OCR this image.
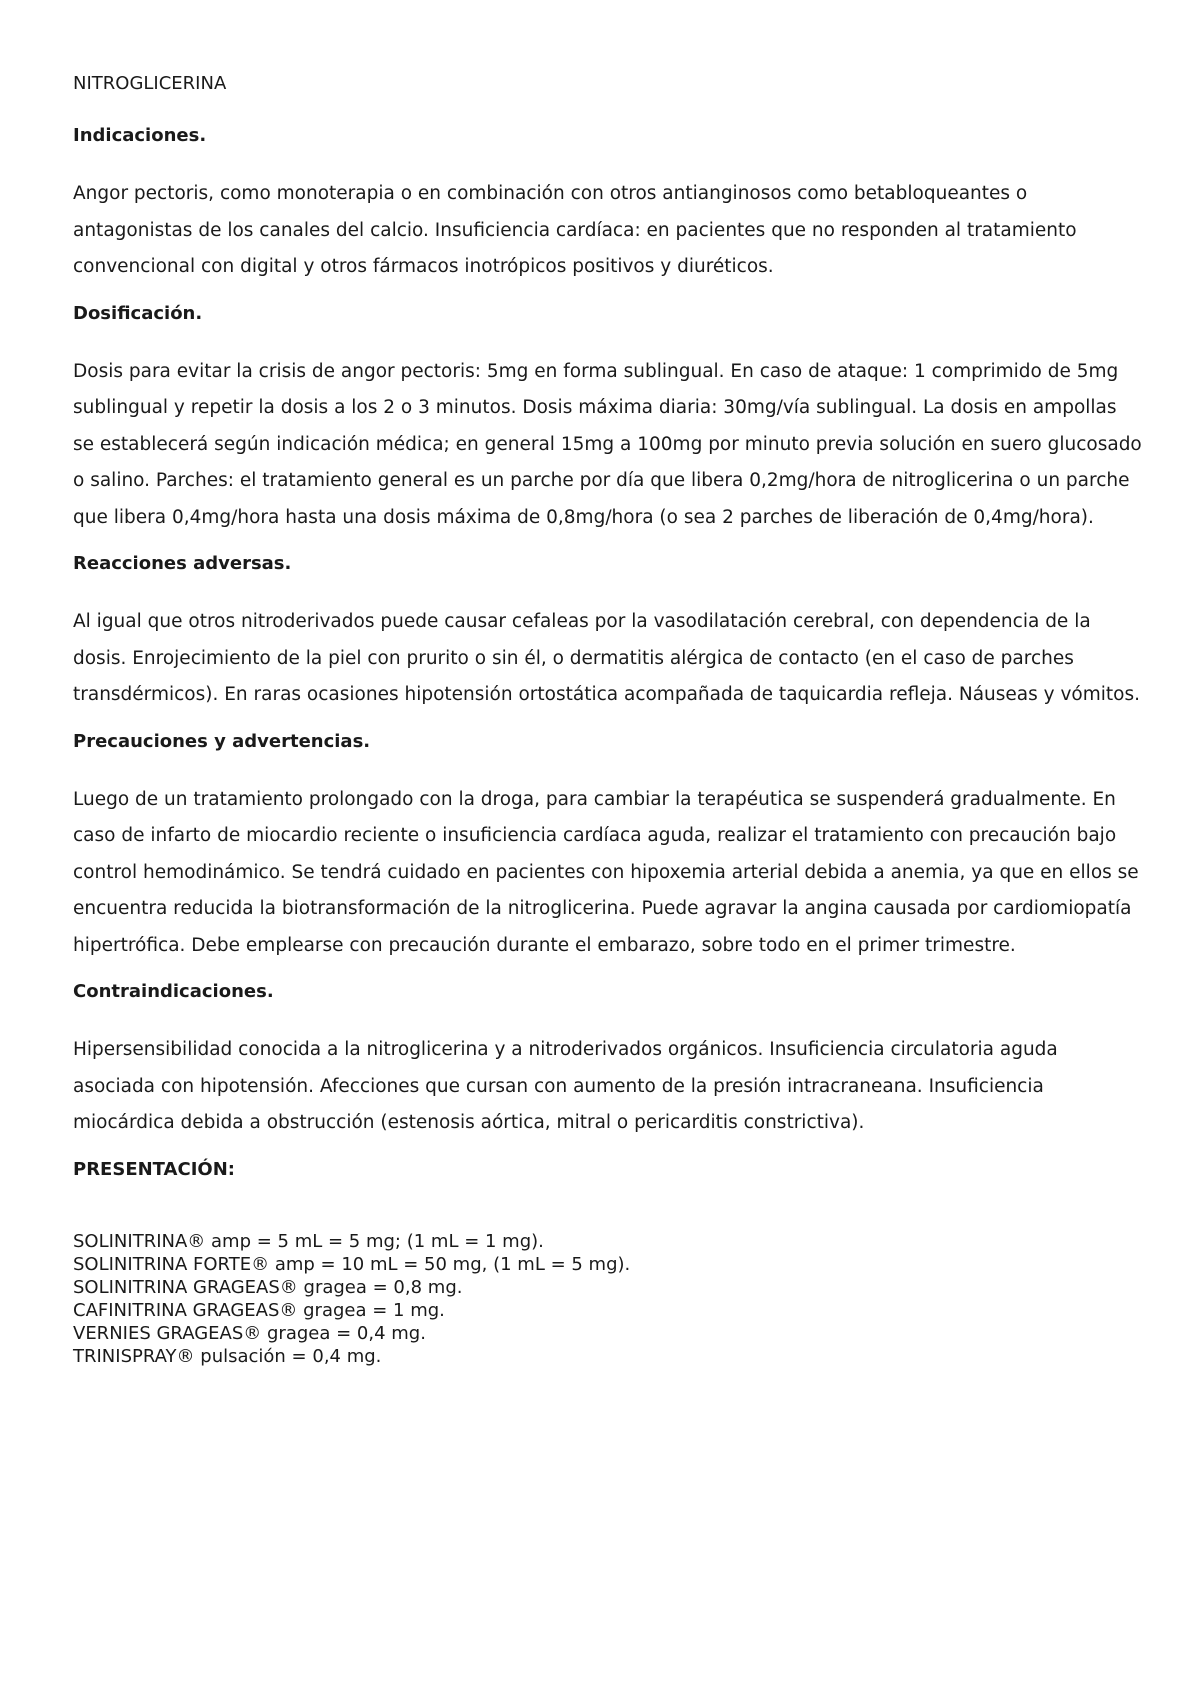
NITROGLICERINA
Indicaciones.

Angor pectoris, como monoterapia o en combinación con otros antianginosos como betabloqueantes o antagonistas de los canales del calcio. Insuficiencia cardíaca: en pacientes que no responden al tratamiento convencional con digital y otros fármacos inotrópicos positivos y diuréticos.

Dosificación.

Dosis para evitar la crisis de angor pectoris: 5mg en forma sublingual. En caso de ataque: 1 comprimido de 5mg sublingual y repetir la dosis a los 2 o 3 minutos. Dosis máxima diaria: 30mg/vía sublingual. La dosis en ampollas se establecerá según indicación médica; en general 15mg a 100mg por minuto previa solución en suero glucosado o salino. Parches: el tratamiento general es un parche por día que libera 0,2mg/hora de nitroglicerina o un parche que libera 0,4mg/hora hasta una dosis máxima de 0,8mg/hora (o sea 2 parches de liberación de 0,4mg/hora).

Reacciones adversas.

Al igual que otros nitroderivados puede causar cefaleas por la vasodilatación cerebral, con dependencia de la dosis. Enrojecimiento de la piel con prurito o sin él, o dermatitis alérgica de contacto (en el caso de parches transdérmicos). En raras ocasiones hipotensión ortostática acompañada de taquicardia refleja. Náuseas y vómitos.

Precauciones y advertencias.

Luego de un tratamiento prolongado con la droga, para cambiar la terapéutica se suspenderá gradualmente. En caso de infarto de miocardio reciente o insuficiencia cardíaca aguda, realizar el tratamiento con precaución bajo control hemodinámico. Se tendrá cuidado en pacientes con hipoxemia arterial debida a anemia, ya que en ellos se encuentra reducida la biotransformación de la nitroglicerina. Puede agravar la angina causada por cardiomiopatía hipertrófica. Debe emplearse con precaución durante el embarazo, sobre todo en el primer trimestre.

Contraindicaciones.

Hipersensibilidad conocida a la nitroglicerina y a nitroderivados orgánicos. Insuficiencia circulatoria aguda asociada con hipotensión. Afecciones que cursan con aumento de la presión intracraneana. Insuficiencia miocárdica debida a obstrucción (estenosis aórtica, mitral o pericarditis constrictiva).

PRESENTACIÓN:
SOLINITRINA® amp = 5 mL = 5 mg; (1 mL = 1 mg).
SOLINITRINA FORTE® amp = 10 mL = 50 mg, (1 mL = 5 mg).
SOLINITRINA GRAGEAS® gragea = 0,8 mg.
CAFINITRINA GRAGEAS® gragea = 1 mg.
VERNIES GRAGEAS® gragea = 0,4 mg.
TRINISPRAY® pulsación = 0,4 mg.
